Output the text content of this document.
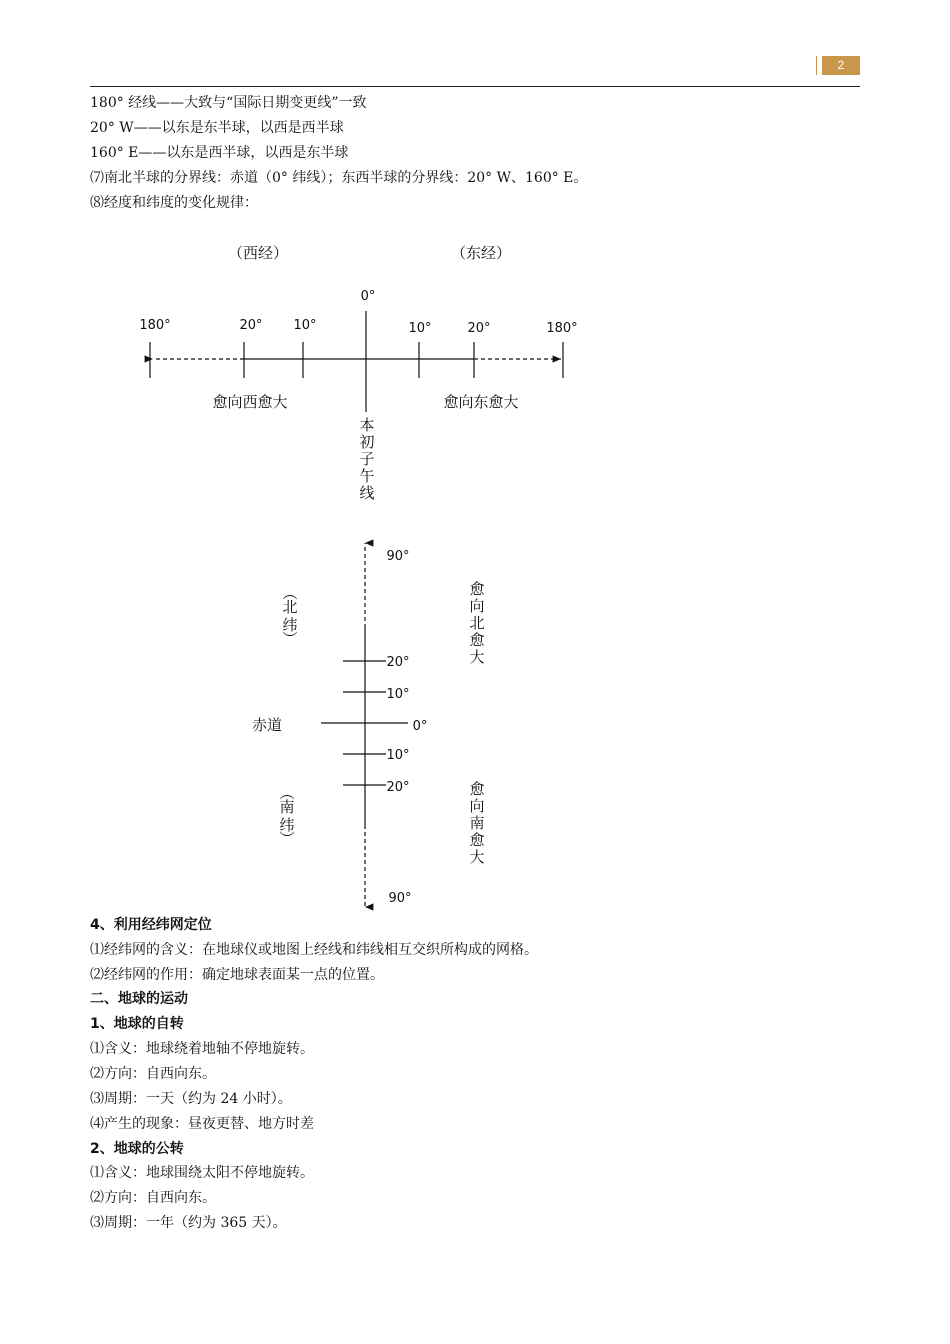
2
180° 经线——大致与“国际日期变更线”一致
20° W——以东是东半球，以西是西半球
160° E——以东是西半球，以西是东半球
⑺南北半球的分界线：赤道（0° 纬线）；东西半球的分界线：20° W、160° E。
⑻经度和纬度的变化规律：
（西经）	（东经）
0°
180°	20° 10°	10°	20°	180°
愈向西愈大	愈向东愈大
本
初
子
午
线
90°
90°
20°
10°
0°
10°
20°
赤道
︵
北
纬
︶
︵
南
纬
︶
愈
向
北
愈
大
愈
向
南
愈
大
4、利用经纬网定位
⑴经纬网的含义：在地球仪或地图上经线和纬线相互交织所构成的网格。
⑵经纬网的作用：确定地球表面某一点的位置。
二、地球的运动
1、地球的自转
⑴含义：地球绕着地轴不停地旋转。
⑵方向：自西向东。
⑶周期：一天（约为 24 小时）。
⑷产生的现象：昼夜更替、地方时差
2、地球的公转
⑴含义：地球围绕太阳不停地旋转。
⑵方向：自西向东。
⑶周期：一年（约为 365 天）。
